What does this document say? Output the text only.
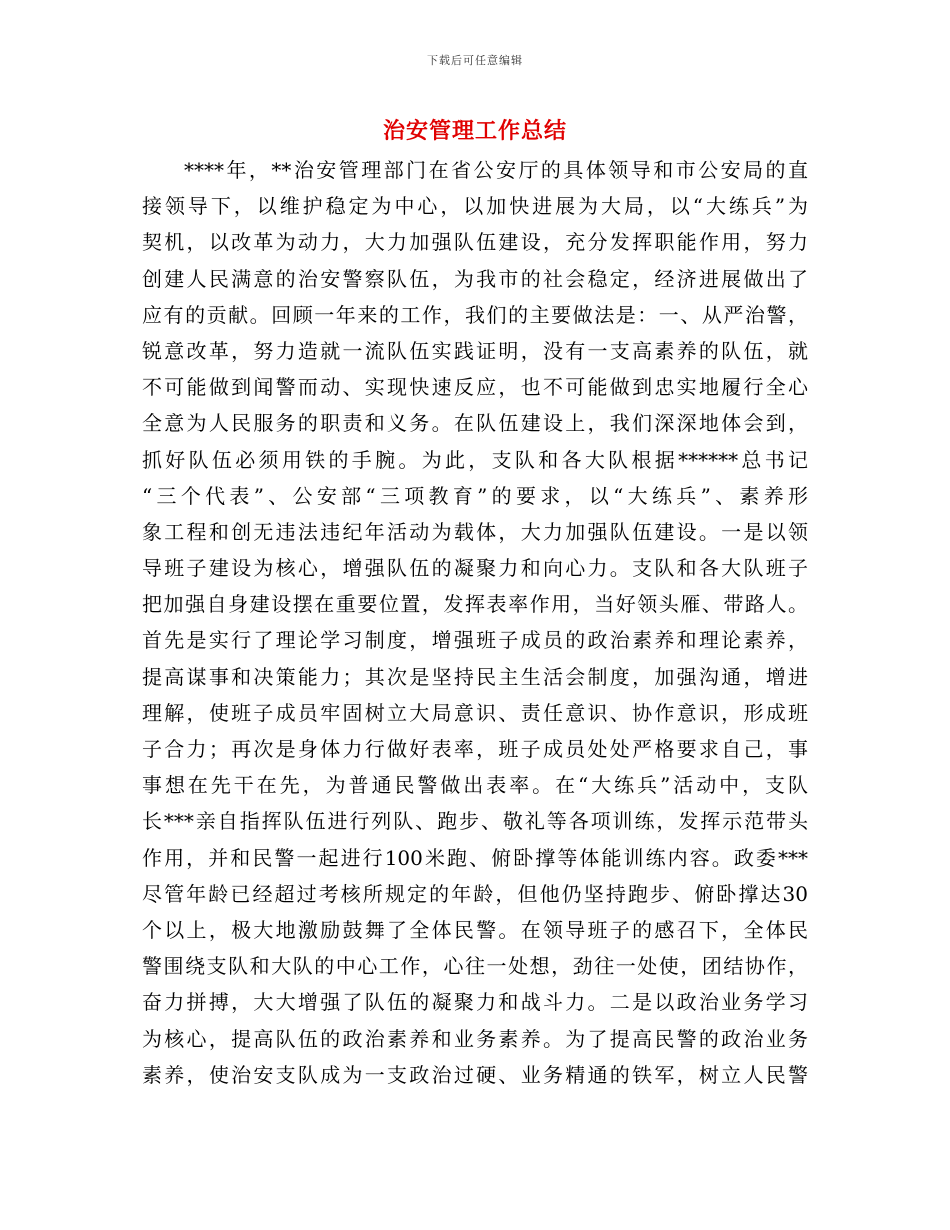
下载后可任意编辑
治安管理工作总结
****年，**治安管理部门在省公安厅的具体领导和市公安局的直
接领导下，以维护稳定为中心，以加快进展为大局，以“大练兵”为
契机，以改革为动力，大力加强队伍建设，充分发挥职能作用，努力
创建人民满意的治安警察队伍，为我市的社会稳定，经济进展做出了
应有的贡献。回顾一年来的工作，我们的主要做法是：一、从严治警，
锐意改革，努力造就一流队伍实践证明，没有一支高素养的队伍，就
不可能做到闻警而动、实现快速反应，也不可能做到忠实地履行全心
全意为人民服务的职责和义务。在队伍建设上，我们深深地体会到，
抓好队伍必须用铁的手腕。为此，支队和各大队根据******总书记
“三个代表”、公安部“三项教育”的要求，以“大练兵”、素养形
象工程和创无违法违纪年活动为载体，大力加强队伍建设。一是以领
导班子建设为核心，增强队伍的凝聚力和向心力。支队和各大队班子
把加强自身建设摆在重要位置，发挥表率作用，当好领头雁、带路人。
首先是实行了理论学习制度，增强班子成员的政治素养和理论素养，
提高谋事和决策能力；其次是坚持民主生活会制度，加强沟通，增进
理解，使班子成员牢固树立大局意识、责任意识、协作意识，形成班
子合力；再次是身体力行做好表率，班子成员处处严格要求自己，事
事想在先干在先，为普通民警做出表率。在“大练兵”活动中，支队
长***亲自指挥队伍进行列队、跑步、敬礼等各项训练，发挥示范带头
作用，并和民警一起进行100米跑、俯卧撑等体能训练内容。政委***
尽管年龄已经超过考核所规定的年龄，但他仍坚持跑步、俯卧撑达30
个以上，极大地激励鼓舞了全体民警。在领导班子的感召下，全体民
警围绕支队和大队的中心工作，心往一处想，劲往一处使，团结协作，
奋力拼搏，大大增强了队伍的凝聚力和战斗力。二是以政治业务学习
为核心，提高队伍的政治素养和业务素养。为了提高民警的政治业务
素养，使治安支队成为一支政治过硬、业务精通的铁军，树立人民警
